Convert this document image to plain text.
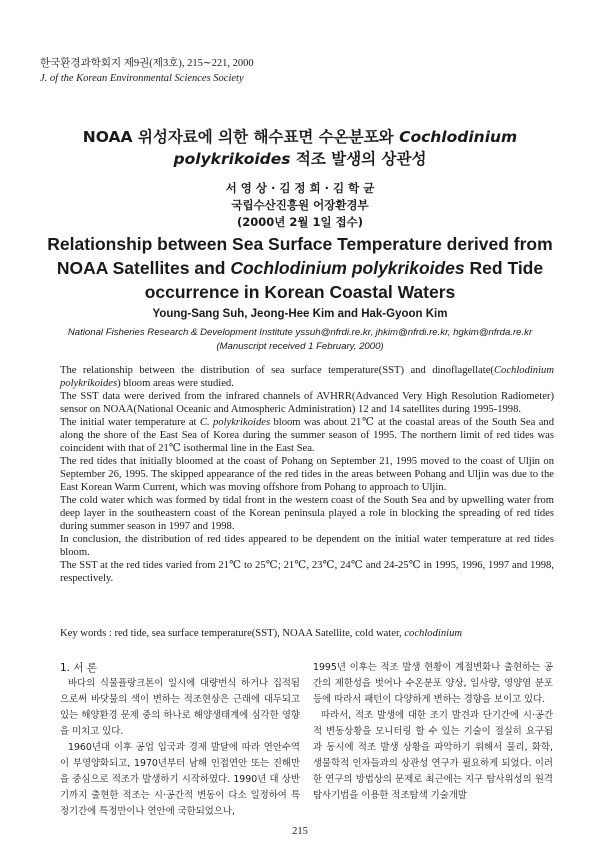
한국환경과학회지 제9권(제3호), 215∼221, 2000
J. of the Korean Environmental Sciences Society
NOAA 위성자료에 의한 해수표면 수온분포와 Cochlodinium
polykrikoides 적조 발생의 상관성
서 영 상 · 김 정 희 · 김 학 균
국립수산진흥원 어장환경부
(2000년 2월 1일 접수)
Relationship between Sea Surface Temperature derived from
NOAA Satellites and Cochlodinium polykrikoides Red Tide
occurrence in Korean Coastal Waters
Young-Sang Suh, Jeong-Hee Kim and Hak-Gyoon Kim
National Fisheries Research & Development Institute yssuh@nfrdi.re.kr, jhkim@nfrdi.re.kr, hgkim@nfrda.re.kr
(Manuscript received 1 February, 2000)

The relationship between the distribution of sea surface temperature(SST) and dinoflagellate(Cochlodinium polykrikoides) bloom areas were studied.

The SST data were derived from the infrared channels of AVHRR(Advanced Very High Resolution Radiometer) sensor on NOAA(National Oceanic and Atmospheric Administration) 12 and 14 satellites during 1995-1998.

The initial water temperature at C. polykrikoides bloom was about 21℃ at the coastal areas of the South Sea and along the shore of the East Sea of Korea during the summer season of 1995. The northern limit of red tides was coincident with that of 21℃ isothermal line in the East Sea.

The red tides that initially bloomed at the coast of Pohang on September 21, 1995 moved to the coast of Uljin on September 26, 1995. The skipped appearance of the red tides in the areas between Pohang and Uljin was due to the East Korean Warm Current, which was moving offshore from Pohang to approach to Uljin.

The cold water which was formed by tidal front in the western coast of the South Sea and by upwelling water from deep layer in the southeastern coast of the Korean peninsula played a role in blocking the spreading of red tides during summer season in 1997 and 1998.

In conclusion, the distribution of red tides appeared to be dependent on the initial water temperature at red tides bloom.

The SST at the red tides varied from 21℃ to 25℃; 21℃, 23℃, 24℃ and 24-25℃ in 1995, 1996, 1997 and 1998, respectively.

Key words : red tide, sea surface temperature(SST), NOAA Satellite, cold water, cochlodinium
1. 서 론

바다의 식물플랑크톤이 일시에 대량번식 하거나 집적됨으로써 바닷물의 색이 변하는 적조현상은 근래에 대두되고 있는 해양환경 문제 중의 하나로 해양생태계에 심각한 영향을 미치고 있다.

1960년대 이후 공업 입국과 경제 발달에 따라 연안수역이 부영양화되고, 1970년부터 남해 인접연안 또는 진해만을 중심으로 적조가 발생하기 시작하였다. 1990년 대 상반기까지 출현한 적조는 시·공간적 변동이 다소 일정하여 특정기간에 특정만이나 연안에 국한되었으나,

1995년 이후는 적조 발생 현황이 계절변화나 출현하는 공간의 제한성을 벗어나 수온분포 양상, 일사량, 영양염 분포 등에 따라서 패턴이 다양하게 변하는 경향을 보이고 있다.

따라서, 적조 발생에 대한 조기 발견과 단기간에 시·공간적 변동상황을 모니터링 할 수 있는 기술이 절실히 요구됨과 동시에 적조 발생 상황을 파악하기 위해서 물리, 화학, 생물학적 인자들과의 상관성 연구가 필요하게 되었다. 이러한 연구의 방법상의 문제로 최근에는 지구 탐사위성의 원격탐사기법을 이용한 적조탐색 기술개발

215
